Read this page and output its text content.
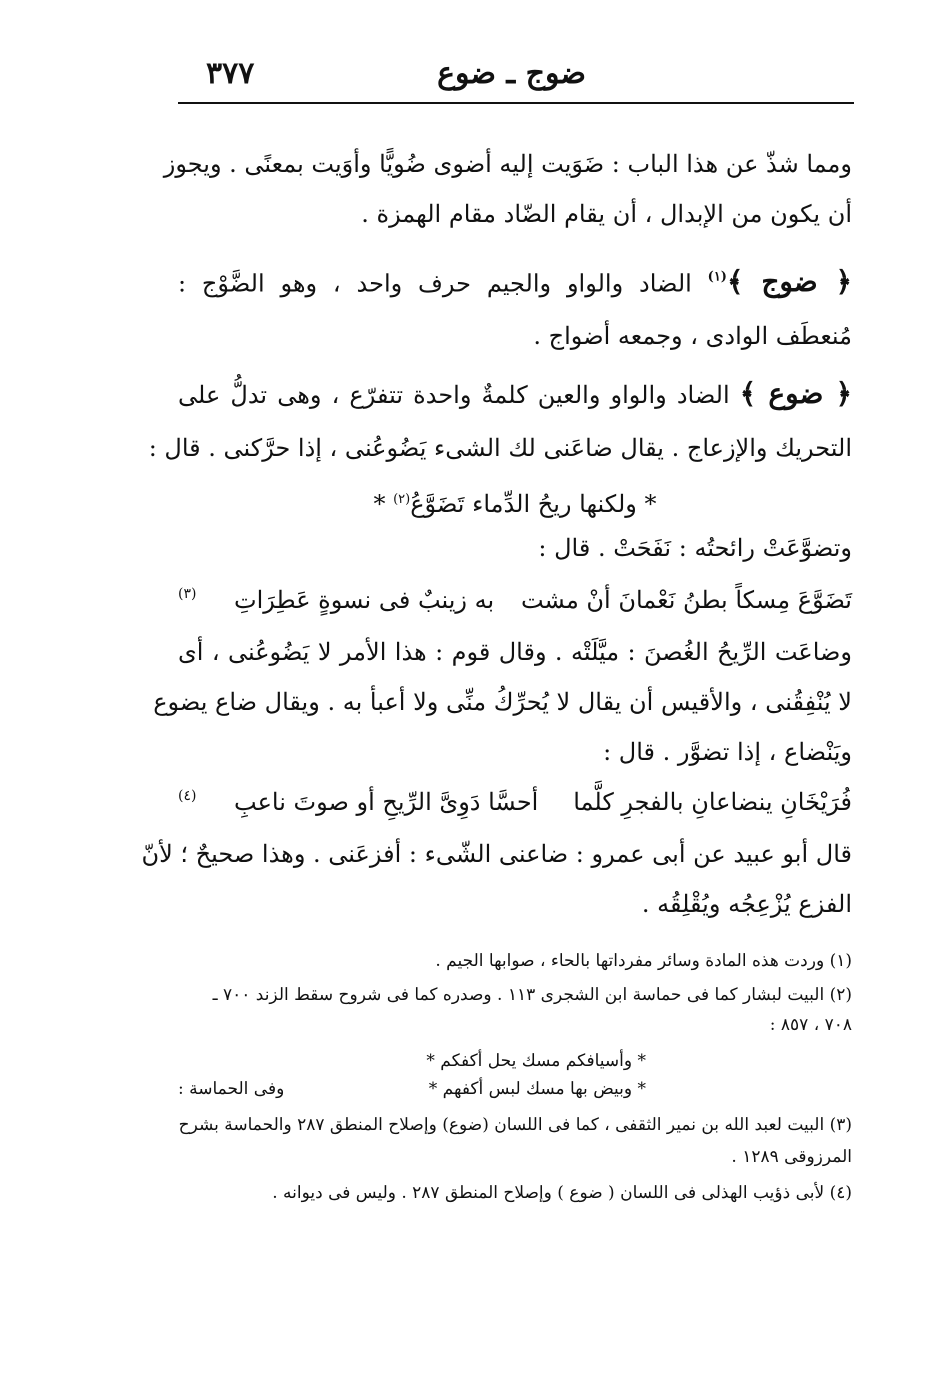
ضوج ـ ضوع
٣٧٧
ومما شذّ عن هذا الباب : ضَوَيت إليه أضوى ضُويًّا وأوَيت بمعنًى . ويجوز
أن يكون من الإبدال ، أن يقام الضّاد مقام الهمزة .
﴿ ضوج ﴾$^{(١)}$ الضاد والواو والجيم حرف واحد ، وهو الضَّوْج :
مُنعطَف الوادى ، وجمعه أضواج .
﴿ ضوع ﴾ الضاد والواو والعين كلمةٌ واحدة تتفرّع ، وهى تدلُّ على
التحريك والإزعاج . يقال ضاعَنى لك الشىء يَضُوعُنى ، إذا حرَّكنى . قال :
* ولكنها ريحُ الدِّماء تَضَوَّعُ$^{(٢)}$ *
وتضوَّعَتْ رائحتُه : نَفَحَتْ . قال :
تَضَوَّعَ مِسكاً بطنُ نَعْمانَ أنْ مشت
به زينبٌ فى نسوةٍ عَطِرَاتِ
(٣)
وضاعَت الرِّيحُ الغُصنَ : ميَّلَتْه . وقال قوم : هذا الأمر لا يَضُوعُنى ، أى
لا يُنْفِقُنى ، والأقيس أن يقال لا يُحرِّكُ منِّى ولا أعبأ به . ويقال ضاع يضوع
ويَنْضاع ، إذا تضوَّر . قال :
فُرَيْخَانِ ينضاعانِ بالفجرِ كلَّما
أحسَّا دَوِىَّ الرِّيحِ أو صوتَ ناعبِ
(٤)
قال أبو عبيد عن أبى عمرو : ضاعنى الشّىء : أفزعَنى . وهذا صحيحٌ ؛ لأنّ
الفزع يُزْعِجُه ويُقْلِقُه .
(١) وردت هذه المادة وسائر مفرداتها بالحاء ، صوابها الجيم .
(٢) البيت لبشار كما فى حماسة ابن الشجرى ١١٣ . وصدره كما فى شروح سقط الزند ٧٠٠ ـ
٧٠٨ ، ٨٥٧ :
* وأسيافكم مسك يحل أكفكم *
وفى الحماسة :	* وبيض بها مسك لبس أكفهم *
(٣) البيت لعبد الله بن نمير الثقفى ، كما فى اللسان (ضوع) وإصلاح المنطق ٢٨٧ والحماسة بشرح
المرزوقى ١٢٨٩ .
(٤) لأبى ذؤيب الهذلى فى اللسان ( ضوع ) وإصلاح المنطق ٢٨٧ . وليس فى ديوانه .
